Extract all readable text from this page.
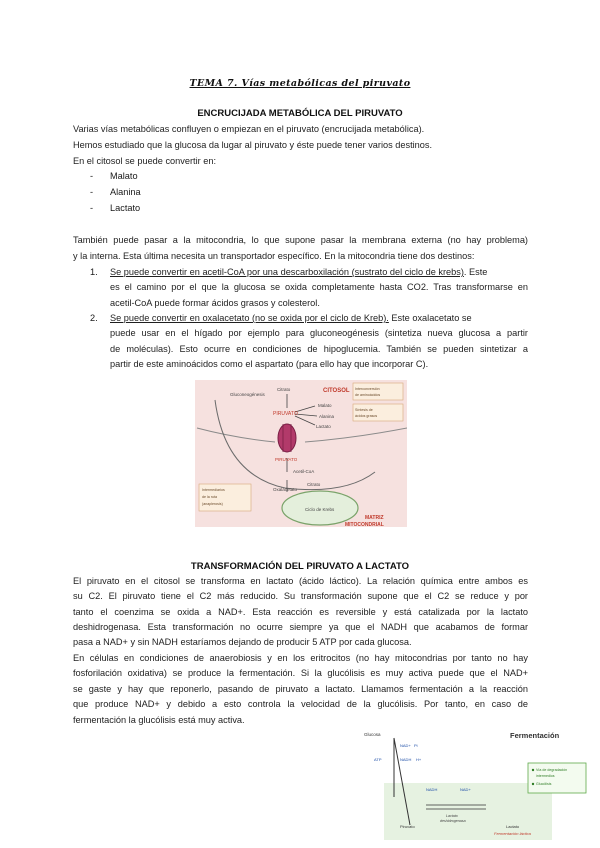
TEMA 7. Vías metabólicas del piruvato
ENCRUCIJADA METABÓLICA DEL PIRUVATO
Varias vías metabólicas confluyen o empiezan en el piruvato (encrucijada metabólica).
Hemos estudiado que la glucosa da lugar al piruvato y éste puede tener varios destinos.
En el citosol se puede convertir en:
- Malato
- Alanina
- Lactato
También puede pasar a la mitocondria, lo que supone pasar la membrana externa (no hay problema)
y la interna. Esta última necesita un transportador específico. En la mitocondria tiene dos destinos:
1. Se puede convertir en acetil-CoA por una descarboxilación (sustrato del ciclo de krebs). Este
es el camino por el que la glucosa se oxida completamente hasta CO2. Tras transformarse en
acetil-CoA puede formar ácidos grasos y colesterol.
2. Se puede convertir en oxalacetato (no se oxida por el ciclo de Kreb). Este oxalacetato se
puede usar en el hígado por ejemplo para gluconeogénesis (sintetiza nueva glucosa a partir
de moléculas). Esto ocurre en condiciones de hipoglucemia. También se pueden sintetizar a
partir de este aminoácidos como el aspartato (para ello hay que incorporar C).
Gluconeogénesis
Citrato	CITOSOL
PIRUVATO
Malato
Alanina
Lactato
Interconversión
de aminoácidos
Síntesis de
ácidos grasos
PIRUVATO
Acetil-CoA
Oxalacetato
Citrato
Ciclo de Krebs
Intermediarios
de la ruta
(anaplerosis)
MATRIZ
MITOCONDRIAL
TRANSFORMACIÓN DEL PIRUVATO A LACTATO
El piruvato en el citosol se transforma en lactato (ácido láctico). La relación química entre ambos es
su C2. El piruvato tiene el C2 más reducido. Su transformación supone que el C2 se reduce y por
tanto el coenzima se oxida a NAD+. Esta reacción es reversible y está catalizada por la lactato
deshidrogenasa. Esta transformación no ocurre siempre ya que el NADH que acabamos de formar
pasa a NAD+ y sin NADH estaríamos dejando de producir 5 ATP por cada glucosa.
En células en condiciones de anaerobiosis y en los eritrocitos (no hay mitocondrias por tanto no hay
fosforilación oxidativa) se produce la fermentación. Si la glucólisis es muy activa puede que el NAD+
se gaste y hay que reponerlo, pasando de piruvato a lactato. Llamamos fermentación a la reacción
que produce NAD+ y debido a esto controla la velocidad de la glucólisis. Por tanto, en caso de
fermentación la glucólisis está muy activa.
Fermentación
Glucosa
NAD+ Pi
ATP	NADH H+
NADH	NAD+
Lactato
deshidrogenasa
Piruvato	Lactato
Fermentación láctica
Vía de degradación
intermedios
Glucólisis
